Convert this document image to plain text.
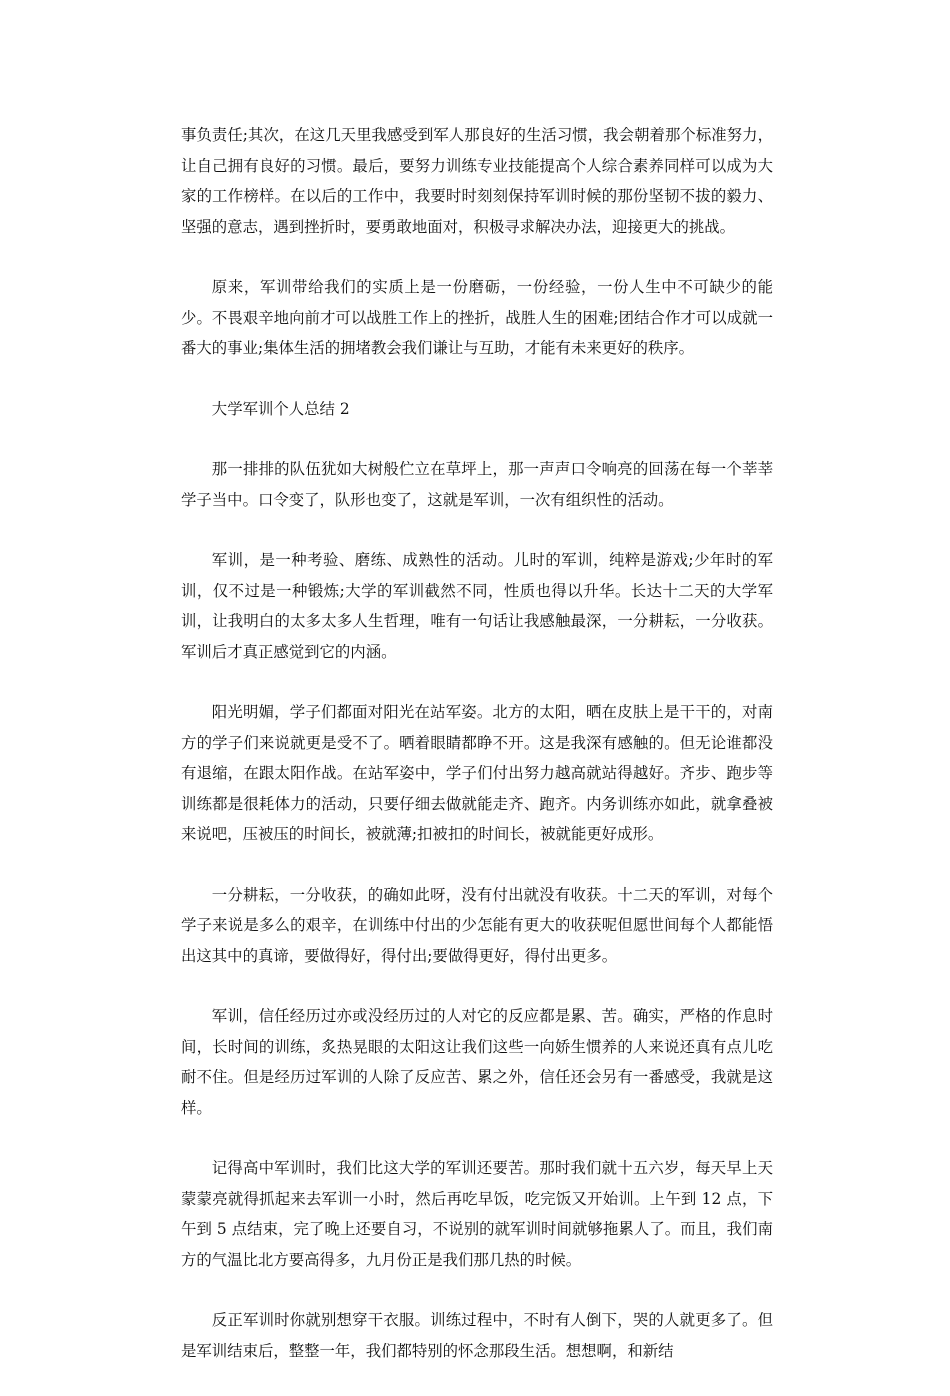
事负责任;其次，在这几天里我感受到军人那良好的生活习惯，我会朝着那个标准努力，让自己拥有良好的习惯。最后，要努力训练专业技能提高个人综合素养同样可以成为大家的工作榜样。在以后的工作中，我要时时刻刻保持军训时候的那份坚韧不拔的毅力、坚强的意志，遇到挫折时，要勇敢地面对，积极寻求解决办法，迎接更大的挑战。

原来，军训带给我们的实质上是一份磨砺，一份经验，一份人生中不可缺少的能少。不畏艰辛地向前才可以战胜工作上的挫折，战胜人生的困难;团结合作才可以成就一番大的事业;集体生活的拥堵教会我们谦让与互助，才能有未来更好的秩序。

大学军训个人总结 2

那一排排的队伍犹如大树般伫立在草坪上，那一声声口令响亮的回荡在每一个莘莘学子当中。口令变了，队形也变了，这就是军训，一次有组织性的活动。

军训，是一种考验、磨练、成熟性的活动。儿时的军训，纯粹是游戏;少年时的军训，仅不过是一种锻炼;大学的军训截然不同，性质也得以升华。长达十二天的大学军训，让我明白的太多太多人生哲理，唯有一句话让我感触最深，一分耕耘，一分收获。军训后才真正感觉到它的内涵。

阳光明媚，学子们都面对阳光在站军姿。北方的太阳，晒在皮肤上是干干的，对南方的学子们来说就更是受不了。晒着眼睛都睁不开。这是我深有感触的。但无论谁都没有退缩，在跟太阳作战。在站军姿中，学子们付出努力越高就站得越好。齐步、跑步等训练都是很耗体力的活动，只要仔细去做就能走齐、跑齐。内务训练亦如此，就拿叠被来说吧，压被压的时间长，被就薄;扣被扣的时间长，被就能更好成形。

一分耕耘，一分收获，的确如此呀，没有付出就没有收获。十二天的军训，对每个学子来说是多么的艰辛，在训练中付出的少怎能有更大的收获呢但愿世间每个人都能悟出这其中的真谛，要做得好，得付出;要做得更好，得付出更多。

军训，信任经历过亦或没经历过的人对它的反应都是累、苦。确实，严格的作息时间，长时间的训练，炙热晃眼的太阳这让我们这些一向娇生惯养的人来说还真有点儿吃耐不住。但是经历过军训的人除了反应苦、累之外，信任还会另有一番感受，我就是这样。

记得高中军训时，我们比这大学的军训还要苦。那时我们就十五六岁，每天早上天蒙蒙亮就得抓起来去军训一小时，然后再吃早饭，吃完饭又开始训。上午到 12 点，下午到 5 点结束，完了晚上还要自习，不说别的就军训时间就够拖累人了。而且，我们南方的气温比北方要高得多，九月份正是我们那几热的时候。

反正军训时你就别想穿干衣服。训练过程中，不时有人倒下，哭的人就更多了。但是军训结束后，整整一年，我们都特别的怀念那段生活。想想啊，和新结
